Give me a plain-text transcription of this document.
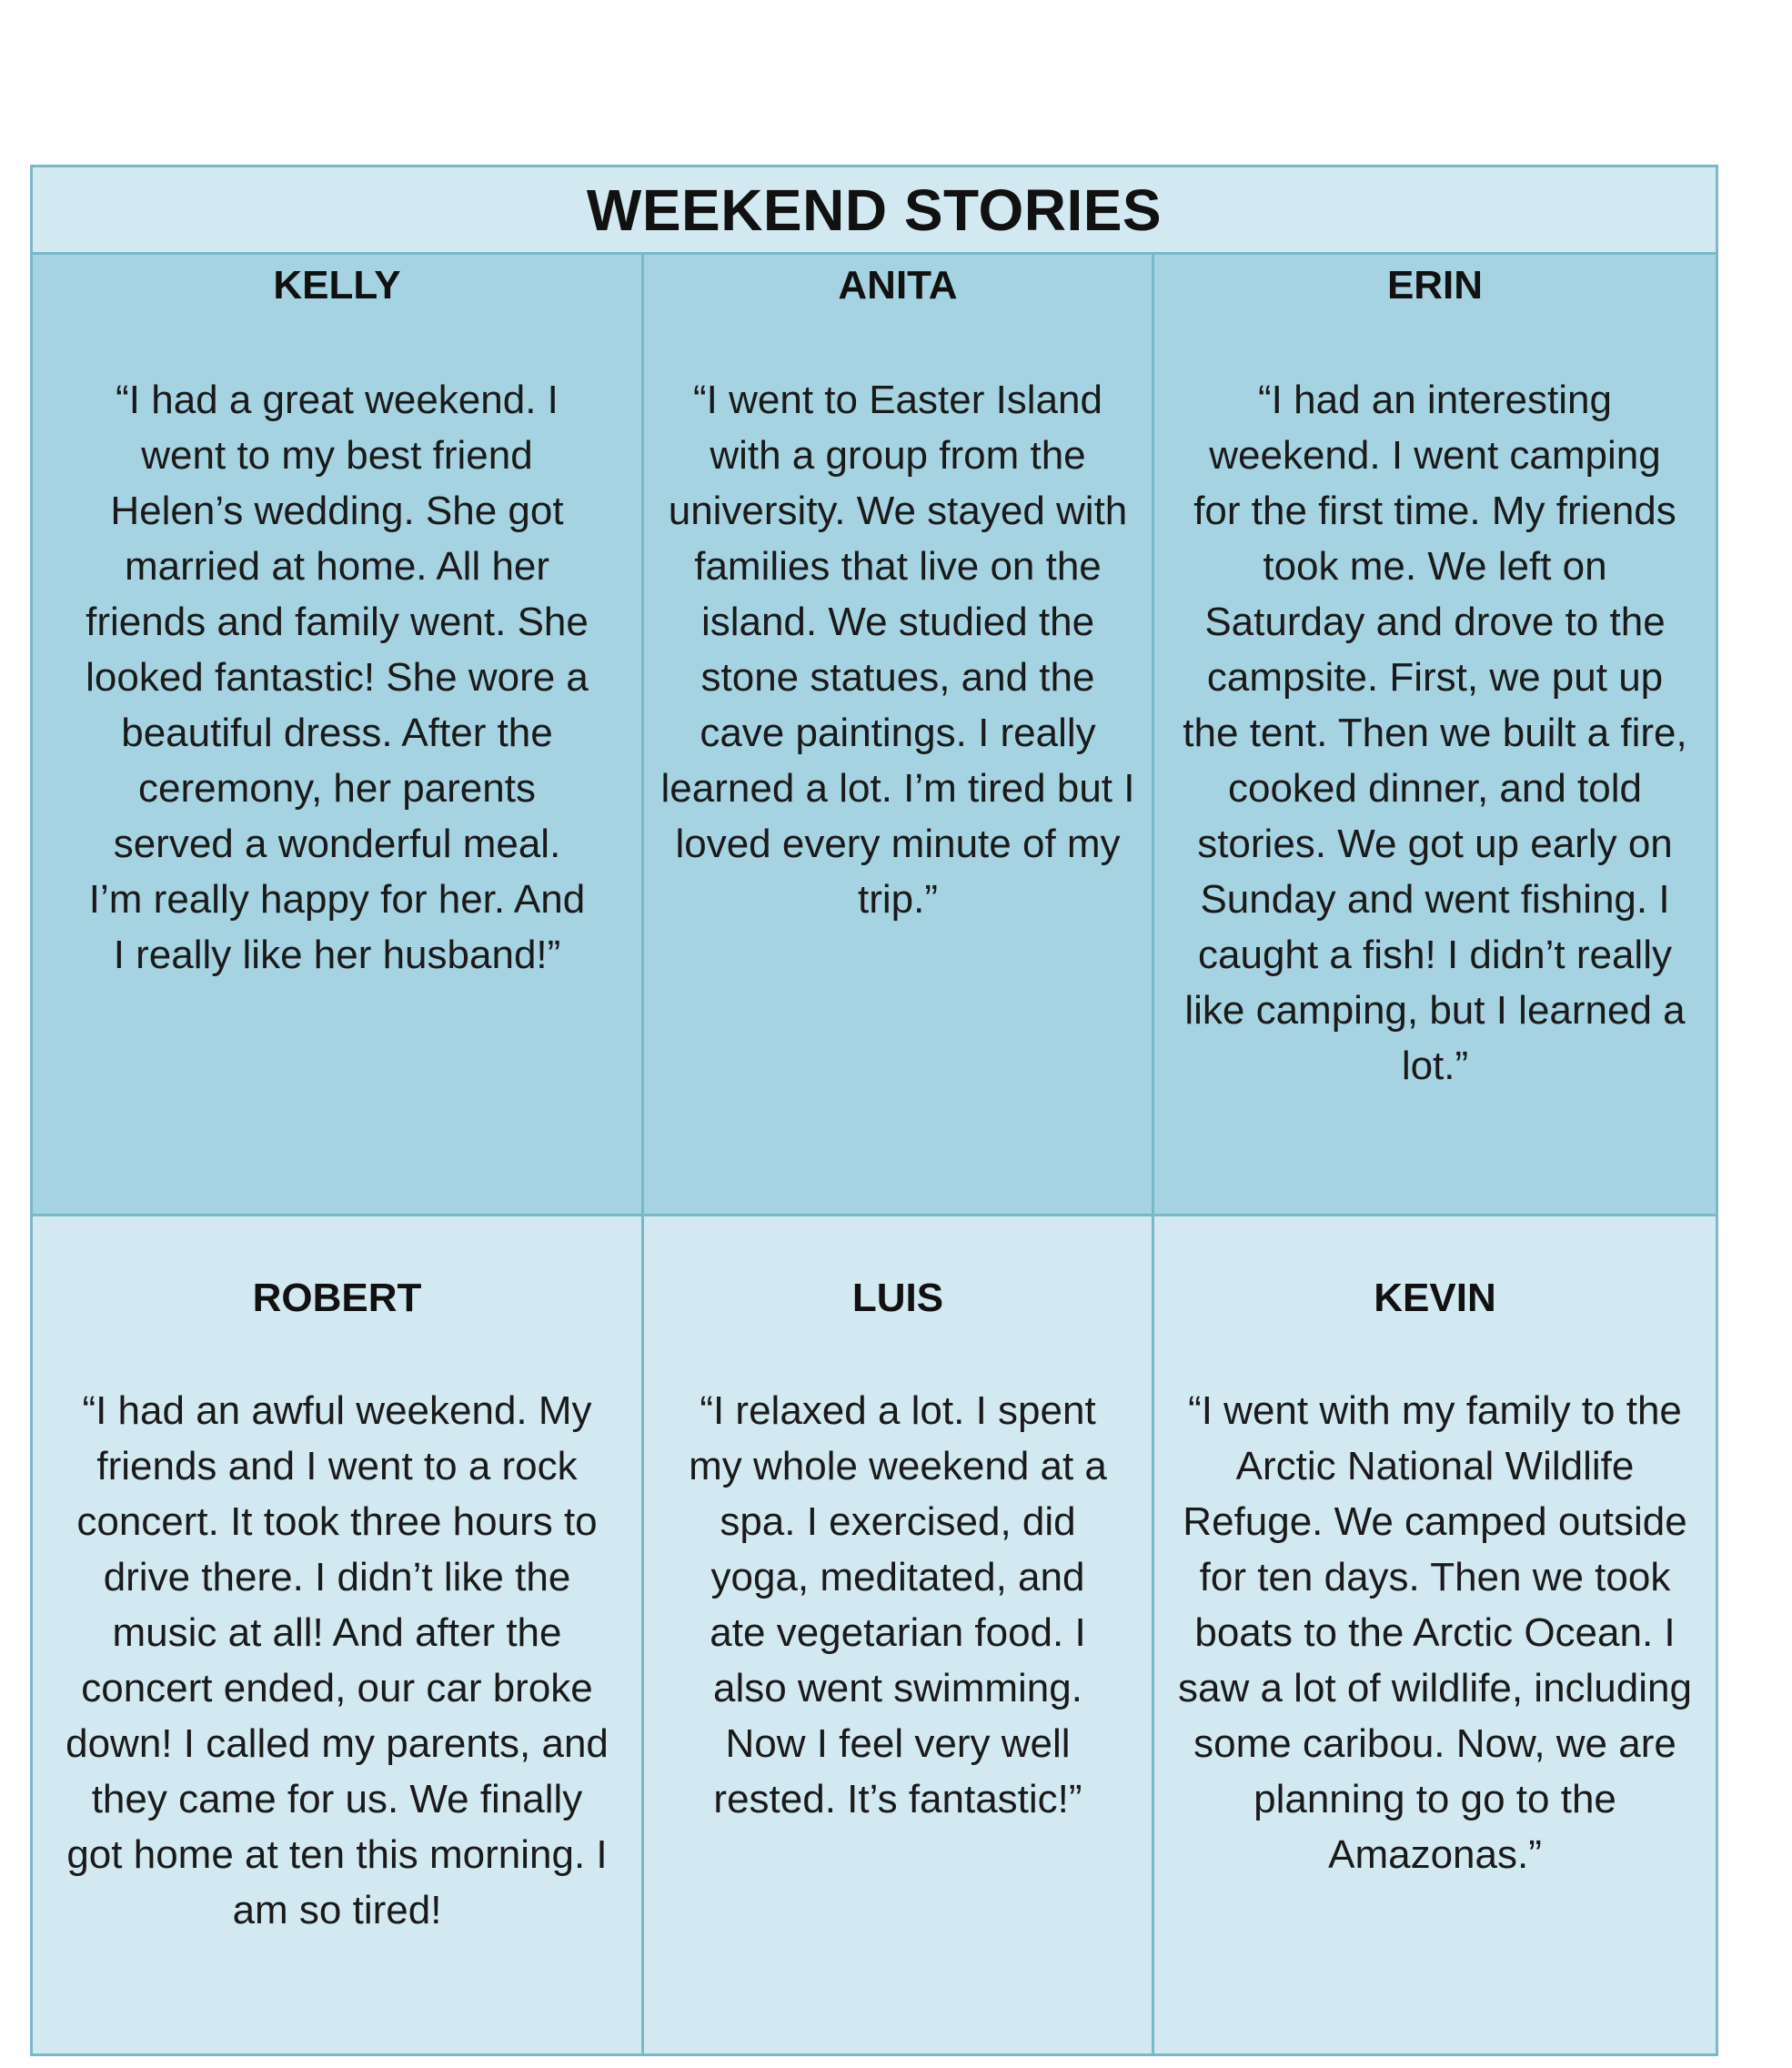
WEEKEND STORIES

KELLY

“I had a great weekend. I went to my best friend Helen’s wedding. She got married at home. All her friends and family went. She looked fantastic! She wore a beautiful dress. After the ceremony, her parents served a wonderful meal. I’m really happy for her. And I really like her husband!”

ANITA

“I went to Easter Island with a group from the university. We stayed with families that live on the island. We studied the stone statues, and the cave paintings. I really learned a lot. I’m tired but I loved every minute of my trip.”

ERIN

“I had an interesting weekend. I went camping for the first time. My friends took me. We left on Saturday and drove to the campsite. First, we put up the tent. Then we built a fire, cooked dinner, and told stories. We got up early on Sunday and went fishing. I caught a fish! I didn’t really like camping, but I learned a lot.”

ROBERT

“I had an awful weekend. My friends and I went to a rock concert. It took three hours to drive there. I didn’t like the music at all! And after the concert ended, our car broke down! I called my parents, and they came for us. We finally got home at ten this morning. I am so tired!

LUIS

“I relaxed a lot. I spent my whole weekend at a spa. I exercised, did yoga, meditated, and ate vegetarian food. I also went swimming. Now I feel very well rested. It’s fantastic!”

KEVIN

“I went with my family to the Arctic National Wildlife Refuge. We camped outside for ten days. Then we took boats to the Arctic Ocean. I saw a lot of wildlife, including some caribou. Now, we are planning to go to the Amazonas.”
